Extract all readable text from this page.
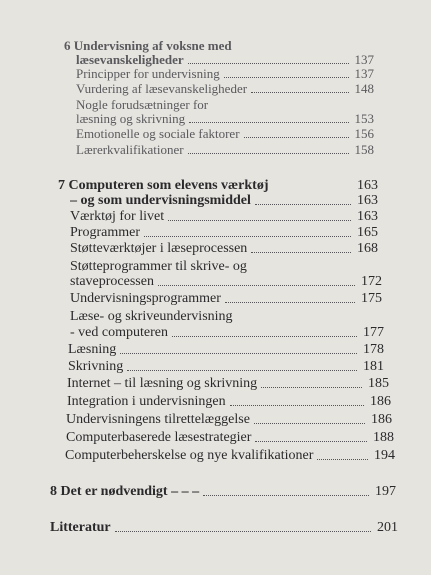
6 Undervisning af voksne med
læsevanskeligheder	137
Principper for undervisning	137
Vurdering af læsevanskeligheder	148
Nogle forudsætninger for
læsning og skrivning	153
Emotionelle og sociale faktorer	156
Lærerkvalifikationer	158
7 Computeren som elevens værktøj	163
– og som undervisningsmiddel	163
Værktøj for livet	163
Programmer	165
Støtteværktøjer i læseprocessen	168
Støtteprogrammer til skrive- og
staveprocessen	172
Undervisningsprogrammer	175
Læse- og skriveundervisning
- ved computeren	177
Læsning	178
Skrivning	181
Internet – til læsning og skrivning	185
Integration i undervisningen	186
Undervisningens tilrettelæggelse	186
Computerbaserede læsestrategier	188
Computerbeherskelse og nye kvalifikationer	194
8 Det er nødvendigt – – –	197
Litteratur	201
